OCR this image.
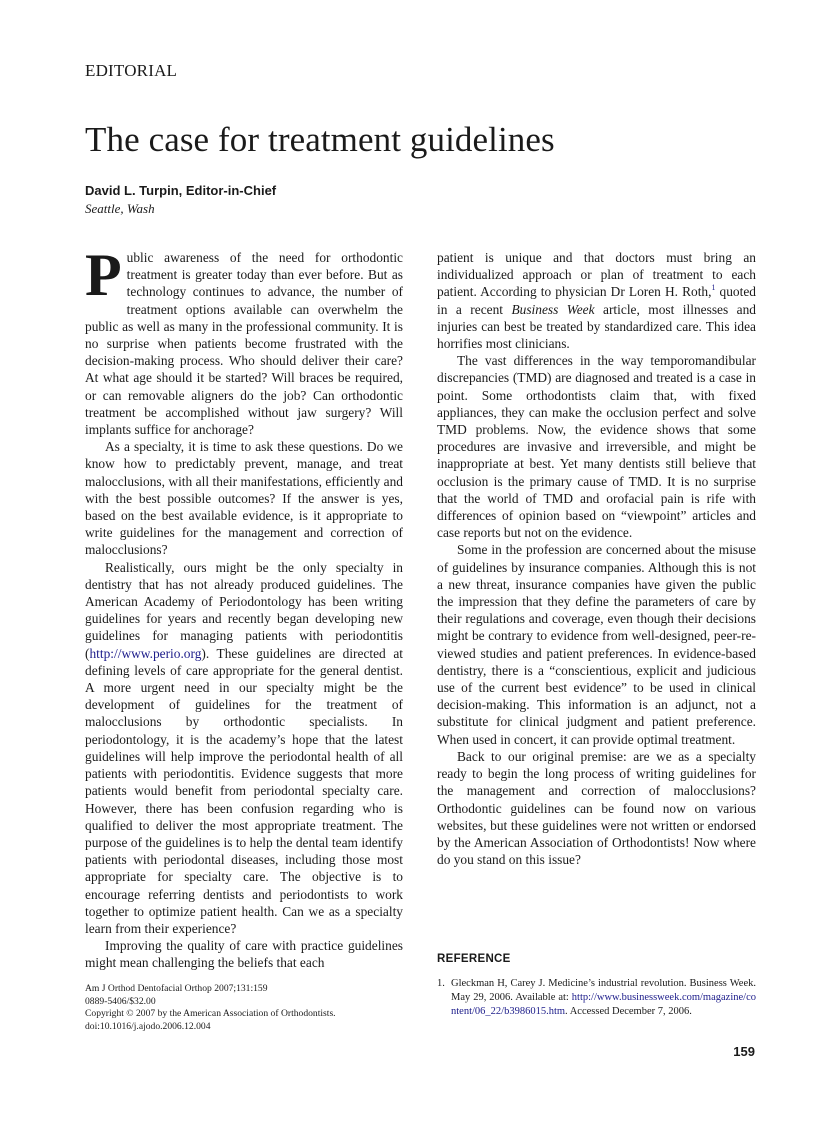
EDITORIAL
The case for treatment guidelines
David L. Turpin, Editor-in-Chief
Seattle, Wash

Public awareness of the need for orthodontic treatment is greater today than ever before. But as technology continues to advance, the number of treatment options available can overwhelm the public as well as many in the professional community. It is no surprise when patients become frustrated with the decision-making process. Who should deliver their care? At what age should it be started? Will braces be required, or can removable aligners do the job? Can orthodontic treatment be accomplished without jaw surgery? Will implants suffice for anchorage?

As a specialty, it is time to ask these questions. Do we know how to predictably prevent, manage, and treat malocclusions, with all their manifestations, efficiently and with the best possible outcomes? If the answer is yes, based on the best available evidence, is it appropriate to write guidelines for the management and correction of malocclusions?

Realistically, ours might be the only specialty in dentistry that has not already produced guidelines. The American Academy of Periodontology has been writing guidelines for years and recently began developing new guidelines for managing patients with periodontitis (http://www.perio.org). These guidelines are directed at defining levels of care appropriate for the general dentist. A more urgent need in our specialty might be the development of guidelines for the treatment of malocclusions by orthodontic specialists. In periodontology, it is the academy’s hope that the latest guidelines will help improve the periodontal health of all patients with periodontitis. Evidence suggests that more patients would benefit from periodontal specialty care. However, there has been confusion regarding who is qualified to deliver the most appropriate treatment. The purpose of the guidelines is to help the dental team identify patients with periodontal diseases, including those most appropriate for specialty care. The objective is to encourage referring dentists and periodontists to work together to optimize patient health. Can we as a specialty learn from their experience?

Improving the quality of care with practice guidelines might mean challenging the beliefs that each

patient is unique and that doctors must bring an individualized approach or plan of treatment to each patient. According to physician Dr Loren H. Roth,$^1$ quoted in a recent Business Week article, most illnesses and injuries can best be treated by standardized care. This idea horrifies most clinicians.

The vast differences in the way temporomandibular discrepancies (TMD) are diagnosed and treated is a case in point. Some orthodontists claim that, with fixed appliances, they can make the occlusion perfect and solve TMD problems. Now, the evidence shows that some procedures are invasive and irreversible, and might be inappropriate at best. Yet many dentists still believe that occlusion is the primary cause of TMD. It is no surprise that the world of TMD and orofacial pain is rife with differences of opinion based on “viewpoint” articles and case reports but not on the evidence.

Some in the profession are concerned about the misuse of guidelines by insurance companies. Although this is not a new threat, insurance companies have given the public the impression that they define the parameters of care by their regulations and coverage, even though their decisions might be contrary to evidence from well-designed, peer-reviewed studies and patient preferences. In evidence-based dentistry, there is a “conscientious, explicit and judicious use of the current best evidence” to be used in clinical decision-making. This information is an adjunct, not a substitute for clinical judgment and patient preference. When used in concert, it can provide optimal treatment.

Back to our original premise: are we as a specialty ready to begin the long process of writing guidelines for the management and correction of malocclusions? Orthodontic guidelines can be found now on various websites, but these guidelines were not written or endorsed by the American Association of Orthodontists! Now where do you stand on this issue?

Am J Orthod Dentofacial Orthop 2007;131:159
0889-5406/$32.00
Copyright © 2007 by the American Association of Orthodontists.
doi:10.1016/j.ajodo.2006.12.004
REFERENCE
1. Gleckman H, Carey J. Medicine’s industrial revolution. Business Week. May 29, 2006. Available at: http://www.businessweek.com/magazine/content/06_22/b3986015.htm. Accessed December 7, 2006.
159
